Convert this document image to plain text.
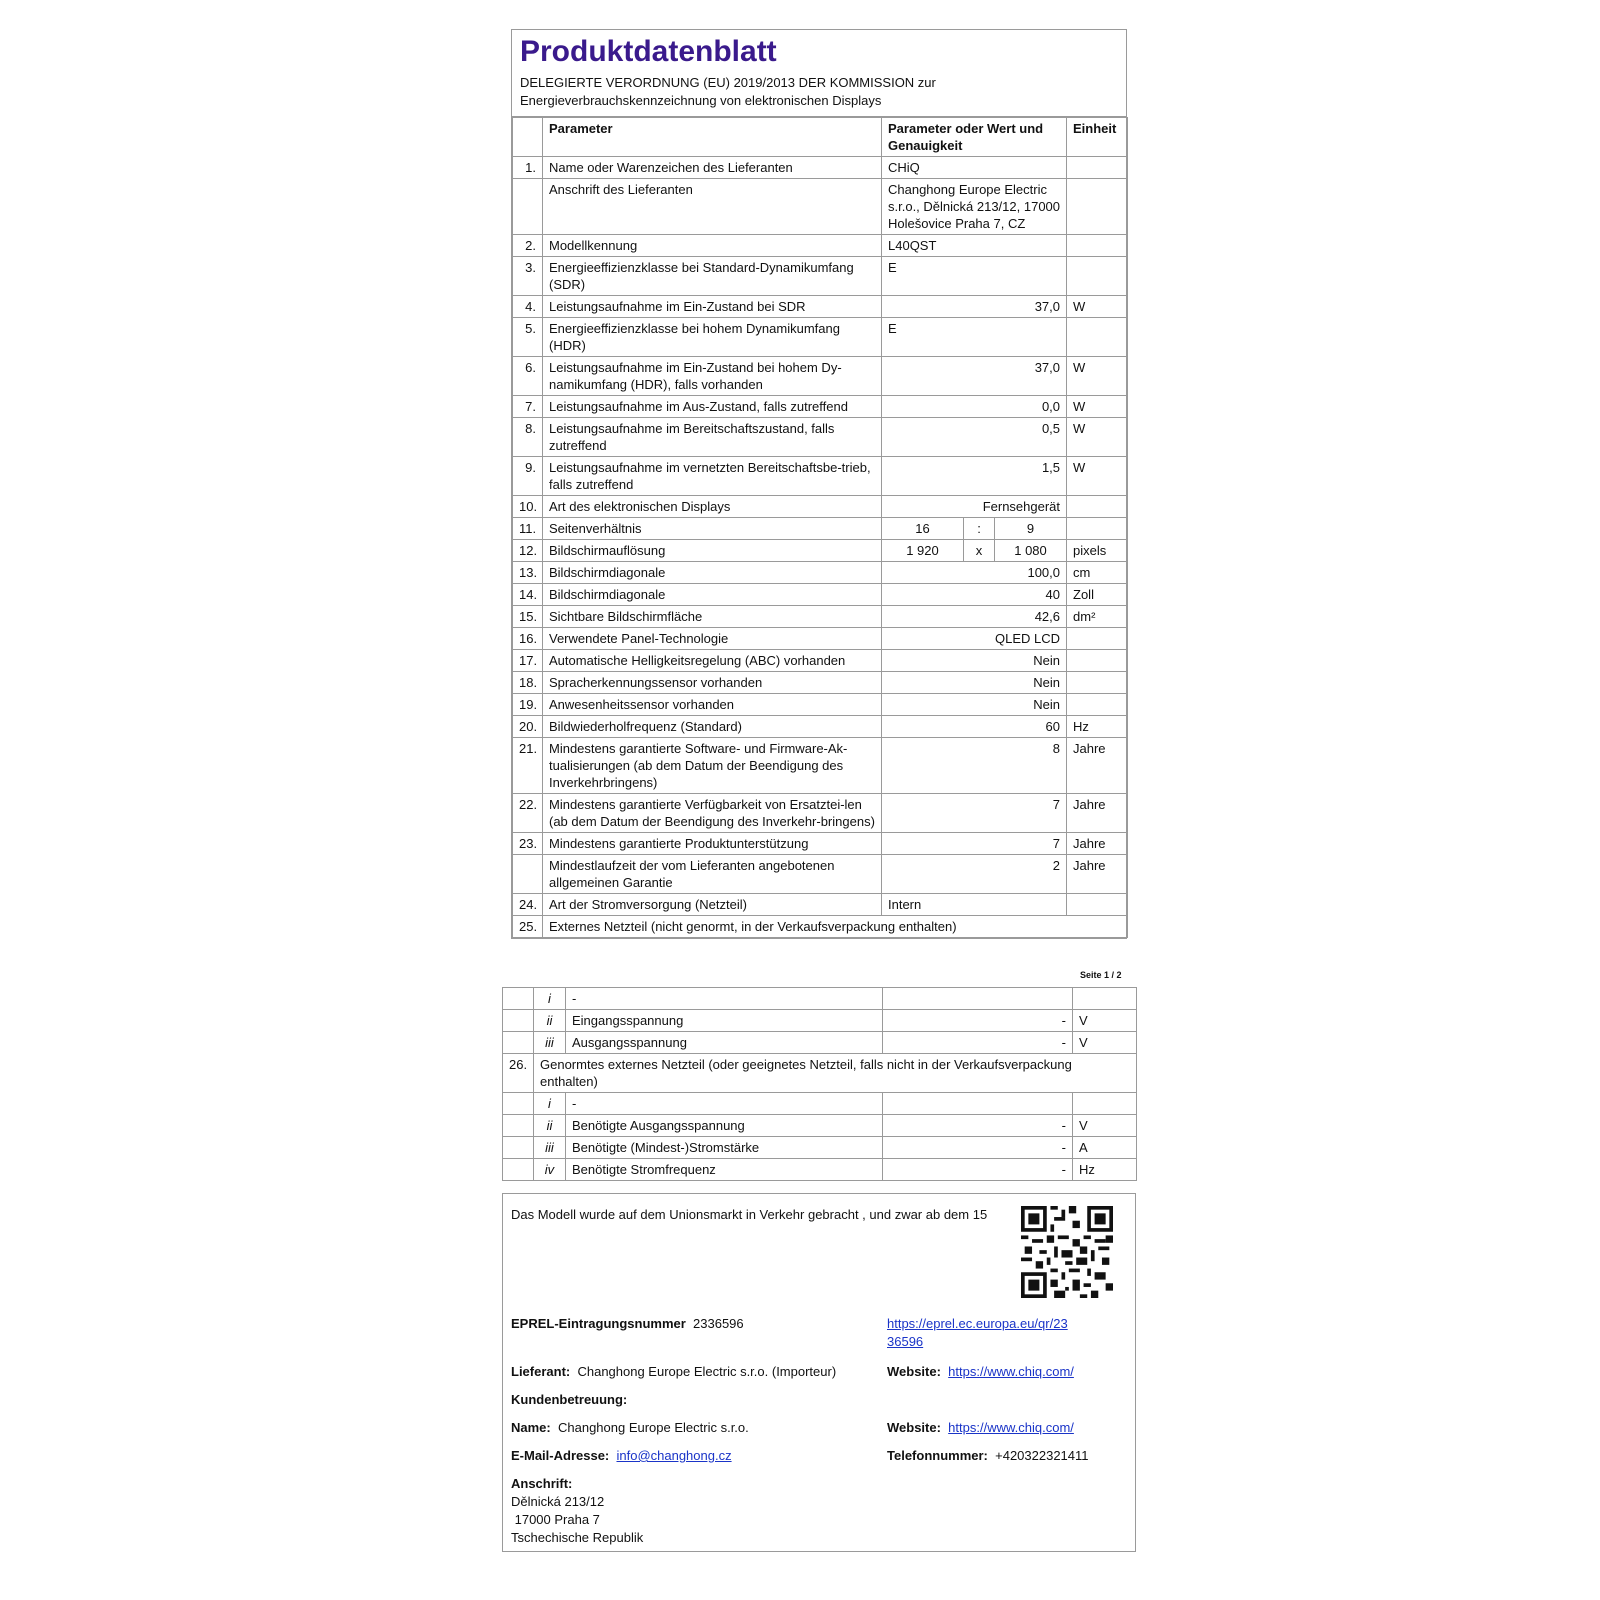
Produktdatenblatt
DELEGIERTE VERORDNUNG (EU) 2019/2013 DER KOMMISSION zur
Energieverbrauchskennzeichnung von elektronischen Displays
	Parameter	Parameter oder Wert und Genauigkeit			Einheit
1.	Name oder Warenzeichen des Lieferanten	CHiQ			
	Anschrift des Lieferanten	Changhong Europe Electric s.r.o., Dělnická 213/12, 17000 Holešovice Praha 7, CZ			
2.	Modellkennung	L40QST			
3.	Energieeffizienzklasse bei Standard-Dynamikumfang (SDR)	E			
4.	Leistungsaufnahme im Ein-Zustand bei SDR	37,0			W
5.	Energieeffizienzklasse bei hohem Dynamikumfang (HDR)	E			
6.	Leistungsaufnahme im Ein-Zustand bei hohem Dy-namikumfang (HDR), falls vorhanden	37,0			W
7.	Leistungsaufnahme im Aus-Zustand, falls zutreffend	0,0			W
8.	Leistungsaufnahme im Bereitschaftszustand, falls zutreffend	0,5			W
9.	Leistungsaufnahme im vernetzten Bereitschaftsbe-trieb, falls zutreffend	1,5			W
10.	Art des elektronischen Displays	Fernsehgerät			
11.	Seitenverhältnis	16	:	9	
12.	Bildschirmauflösung	1 920	x	1 080	pixels
13.	Bildschirmdiagonale	100,0			cm
14.	Bildschirmdiagonale	40			Zoll
15.	Sichtbare Bildschirmfläche	42,6			dm²
16.	Verwendete Panel-Technologie	QLED LCD			
17.	Automatische Helligkeitsregelung (ABC) vorhanden	Nein			
18.	Spracherkennungssensor vorhanden	Nein			
19.	Anwesenheitssensor vorhanden	Nein			
20.	Bildwiederholfrequenz (Standard)	60			Hz
21.	Mindestens garantierte Software- und Firmware-Ak-tualisierungen (ab dem Datum der Beendigung des Inverkehrbringens)	8			Jahre
22.	Mindestens garantierte Verfügbarkeit von Ersatztei-len (ab dem Datum der Beendigung des Inverkehr-bringens)	7			Jahre
23.	Mindestens garantierte Produktunterstützung	7			Jahre
	Mindestlaufzeit der vom Lieferanten angebotenen allgemeinen Garantie	2			Jahre
24.	Art der Stromversorgung (Netzteil)	Intern			
25.	Externes Netzteil (nicht genormt, in der Verkaufsverpackung enthalten)				
Seite 1 / 2
	i	-		
	ii	Eingangsspannung	-	V
	iii	Ausgangsspannung	-	V
26.	Genormtes externes Netzteil (oder geeignetes Netzteil, falls nicht in der Verkaufsverpackung enthalten)			
	i	-		
	ii	Benötigte Ausgangsspannung	-	V
	iii	Benötigte (Mindest-)Stromstärke	-	A
	iv	Benötigte Stromfrequenz	-	Hz
Das Modell wurde auf dem Unionsmarkt in Verkehr gebracht , und zwar ab dem 15
EPREL-Eintragungsnummer 2336596	https://eprel.ec.europa.eu/qr/23
36596
Lieferant: Changhong Europe Electric s.r.o. (Importeur)	Website: https://www.chiq.com/
Kundenbetreuung:
Name: Changhong Europe Electric s.r.o.	Website: https://www.chiq.com/
E-Mail-Adresse: info@changhong.cz	Telefonnummer: +420322321411
Anschrift:
Dělnická 213/12
17000 Praha 7
Tschechische Republik
